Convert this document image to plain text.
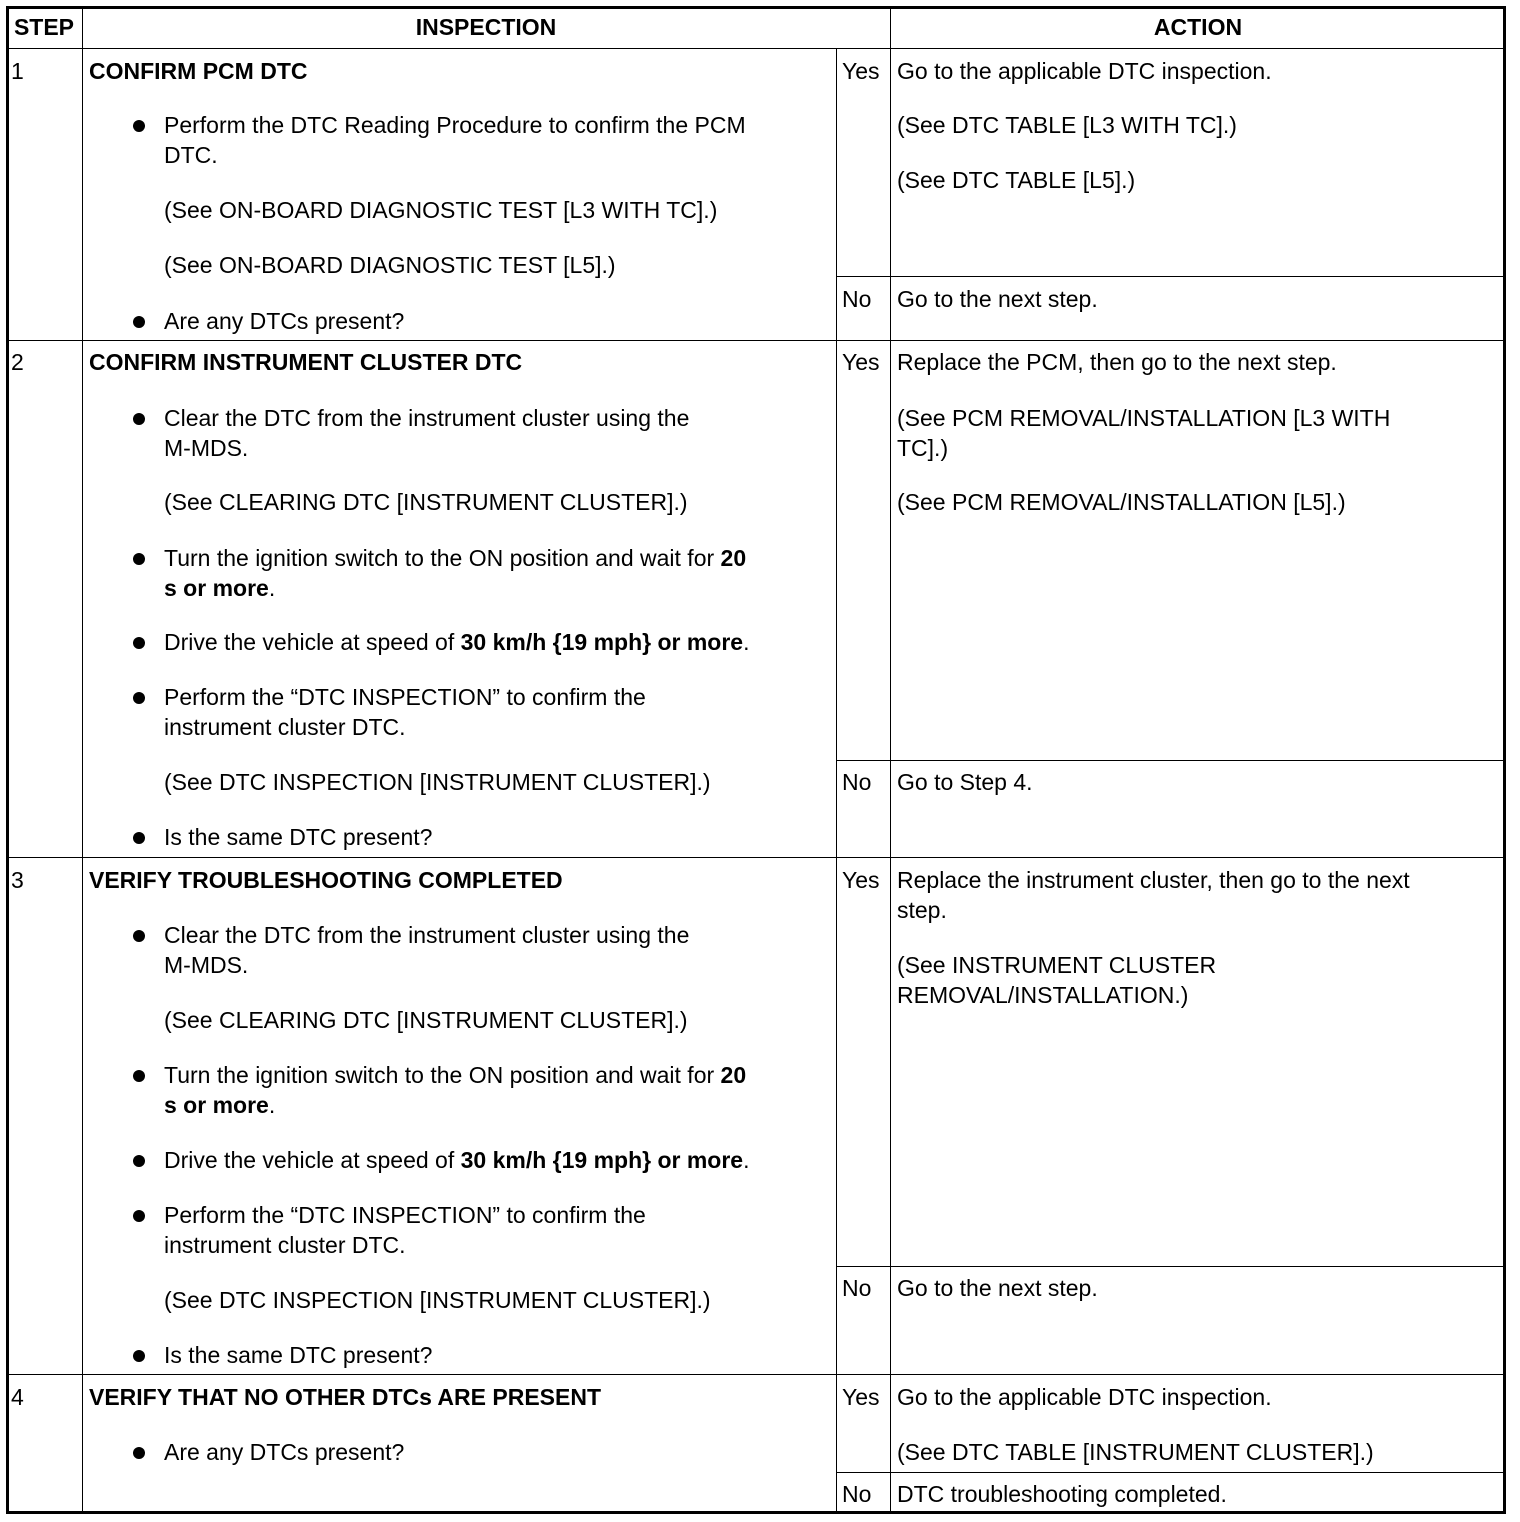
STEP	INSPECTION	ACTION
1	CONFIRM PCM DTC
Perform the DTC Reading Procedure to confirm the PCM
DTC.
(See ON-BOARD DIAGNOSTIC TEST [L3 WITH TC].)
(See ON-BOARD DIAGNOSTIC TEST [L5].)
Are any DTCs present?
Yes Go to the applicable DTC inspection.
(See DTC TABLE [L3 WITH TC].)
(See DTC TABLE [L5].)
No Go to the next step.
2	CONFIRM INSTRUMENT CLUSTER DTC
Clear the DTC from the instrument cluster using the
M-MDS.
(See CLEARING DTC [INSTRUMENT CLUSTER].)
Turn the ignition switch to the ON position and wait for 20
s or more.
Drive the vehicle at speed of 30 km/h {19 mph} or more.
Perform the “DTC INSPECTION” to confirm the
instrument cluster DTC.
(See DTC INSPECTION [INSTRUMENT CLUSTER].)
Is the same DTC present?
Yes Replace the PCM, then go to the next step.
(See PCM REMOVAL/INSTALLATION [L3 WITH
TC].)
(See PCM REMOVAL/INSTALLATION [L5].)
No Go to Step 4.
3	VERIFY TROUBLESHOOTING COMPLETED
Clear the DTC from the instrument cluster using the
M-MDS.
(See CLEARING DTC [INSTRUMENT CLUSTER].)
Turn the ignition switch to the ON position and wait for 20
s or more.
Drive the vehicle at speed of 30 km/h {19 mph} or more.
Perform the “DTC INSPECTION” to confirm the
instrument cluster DTC.
(See DTC INSPECTION [INSTRUMENT CLUSTER].)
Is the same DTC present?
Yes Replace the instrument cluster, then go to the next
step.
(See INSTRUMENT CLUSTER
REMOVAL/INSTALLATION.)
No Go to the next step.
4	VERIFY THAT NO OTHER DTCs ARE PRESENT
Are any DTCs present?
Yes Go to the applicable DTC inspection.
(See DTC TABLE [INSTRUMENT CLUSTER].)
No DTC troubleshooting completed.
